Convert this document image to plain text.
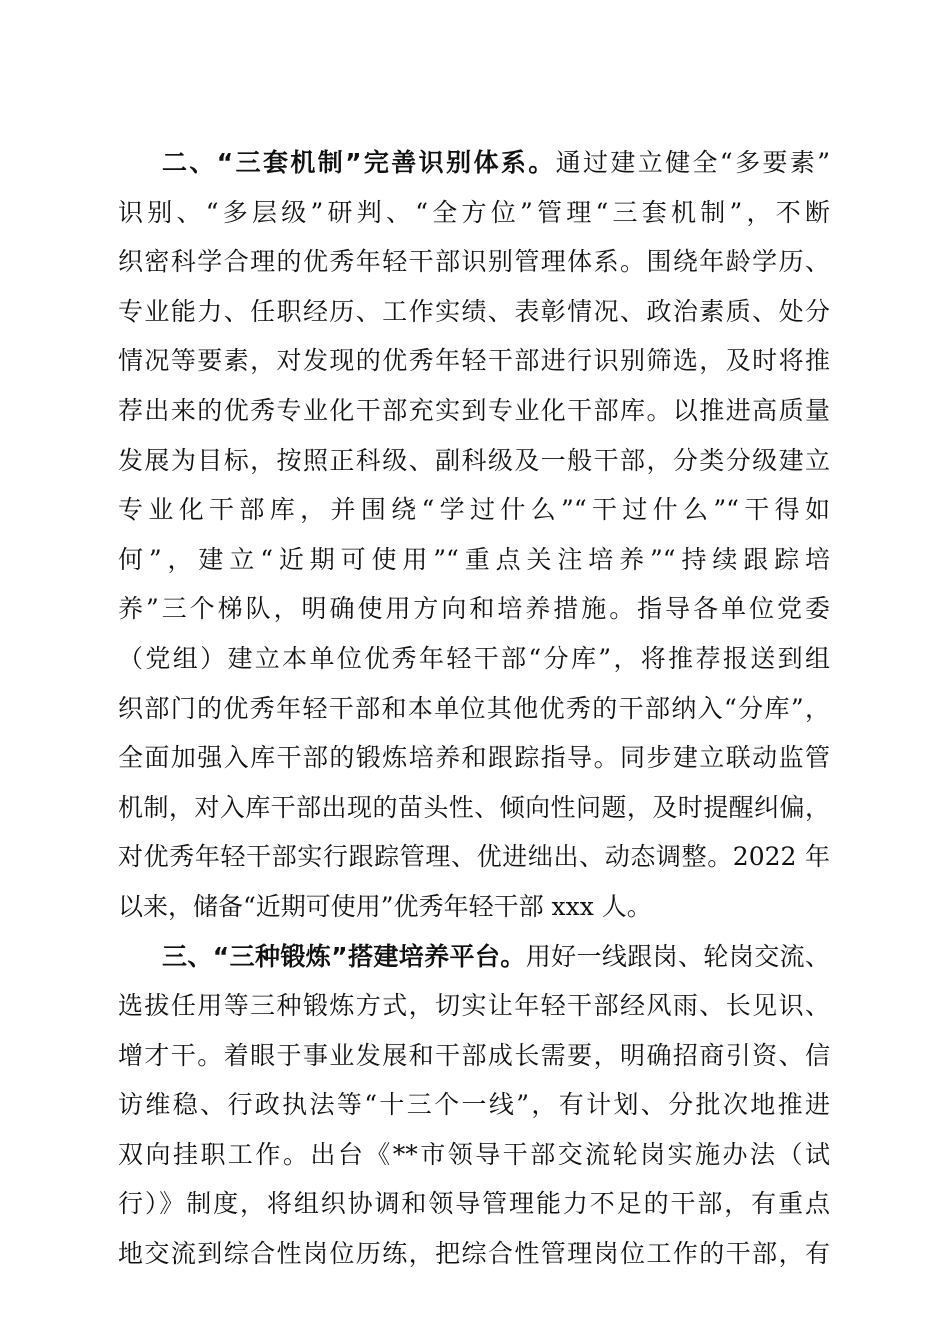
二、“三套机制”完善识别体系。通过建立健全“多要素”
识别、“多层级”研判、“全方位”管理“三套机制”，不断
织密科学合理的优秀年轻干部识别管理体系。围绕年龄学历、
专业能力、任职经历、工作实绩、表彰情况、政治素质、处分
情况等要素，对发现的优秀年轻干部进行识别筛选，及时将推
荐出来的优秀专业化干部充实到专业化干部库。以推进高质量
发展为目标，按照正科级、副科级及一般干部，分类分级建立
专业化干部库，并围绕“学过什么”“干过什么”“干得如
何”，建立“近期可使用”“重点关注培养”“持续跟踪培
养”三个梯队，明确使用方向和培养措施。指导各单位党委
（党组）建立本单位优秀年轻干部“分库”，将推荐报送到组
织部门的优秀年轻干部和本单位其他优秀的干部纳入“分库”，
全面加强入库干部的锻炼培养和跟踪指导。同步建立联动监管
机制，对入库干部出现的苗头性、倾向性问题，及时提醒纠偏，
对优秀年轻干部实行跟踪管理、优进绌出、动态调整。2022 年
以来，储备“近期可使用”优秀年轻干部 xxx 人。
三、“三种锻炼”搭建培养平台。用好一线跟岗、轮岗交流、
选拔任用等三种锻炼方式，切实让年轻干部经风雨、长见识、
增才干。着眼于事业发展和干部成长需要，明确招商引资、信
访维稳、行政执法等“十三个一线”，有计划、分批次地推进
双向挂职工作。出台《**市领导干部交流轮岗实施办法（试
行）》制度，将组织协调和领导管理能力不足的干部，有重点
地交流到综合性岗位历练，把综合性管理岗位工作的干部，有
